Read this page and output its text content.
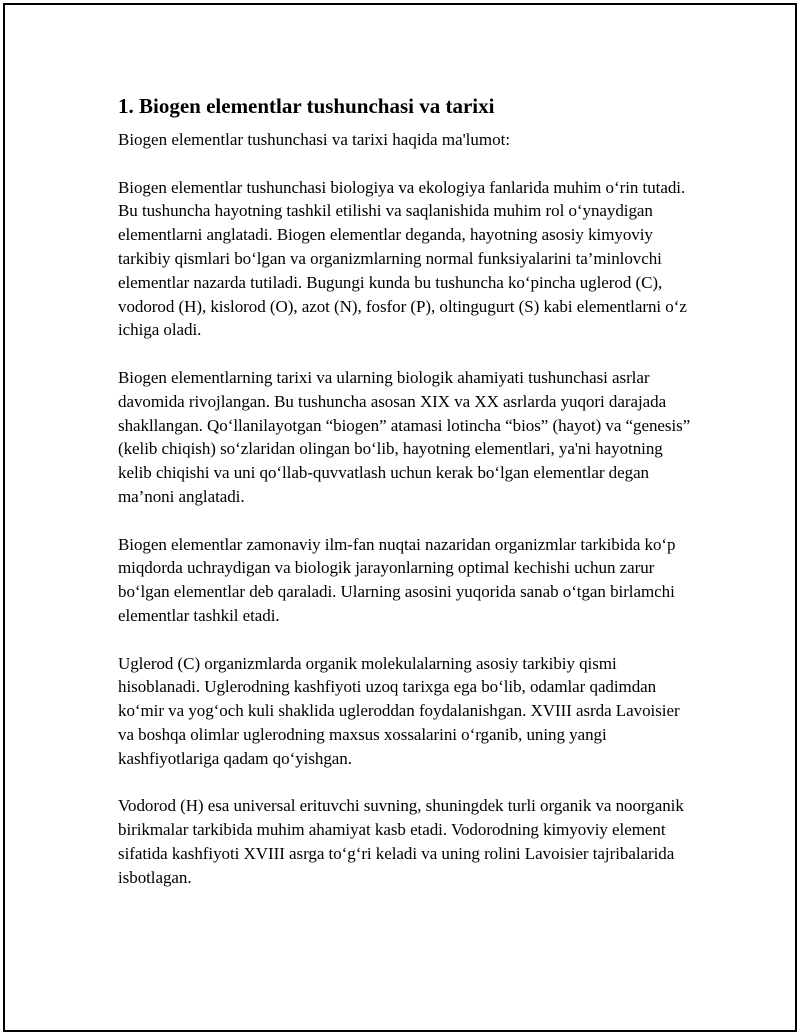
1. Biogen elementlar tushunchasi va tarixi

Biogen elementlar tushunchasi va tarixi haqida ma'lumot:

Biogen elementlar tushunchasi biologiya va ekologiya fanlarida muhim o‘rin tutadi. Bu tushuncha hayotning tashkil etilishi va saqlanishida muhim rol o‘ynaydigan elementlarni anglatadi. Biogen elementlar deganda, hayotning asosiy kimyoviy tarkibiy qismlari bo‘lgan va organizmlarning normal funksiyalarini ta’minlovchi elementlar nazarda tutiladi. Bugungi kunda bu tushuncha ko‘pincha uglerod (C), vodorod (H), kislorod (O), azot (N), fosfor (P), oltingugurt (S) kabi elementlarni o‘z ichiga oladi.

Biogen elementlarning tarixi va ularning biologik ahamiyati tushunchasi asrlar davomida rivojlangan. Bu tushuncha asosan XIX va XX asrlarda yuqori darajada shakllangan. Qo‘llanilayotgan “biogen” atamasi lotincha “bios” (hayot) va “genesis” (kelib chiqish) so‘zlaridan olingan bo‘lib, hayotning elementlari, ya'ni hayotning kelib chiqishi va uni qo‘llab-quvvatlash uchun kerak bo‘lgan elementlar degan ma’noni anglatadi.

Biogen elementlar zamonaviy ilm-fan nuqtai nazaridan organizmlar tarkibida ko‘p miqdorda uchraydigan va biologik jarayonlarning optimal kechishi uchun zarur bo‘lgan elementlar deb qaraladi. Ularning asosini yuqorida sanab o‘tgan birlamchi elementlar tashkil etadi.

Uglerod (C) organizmlarda organik molekulalarning asosiy tarkibiy qismi hisoblanadi. Uglerodning kashfiyoti uzoq tarixga ega bo‘lib, odamlar qadimdan ko‘mir va yog‘och kuli shaklida ugleroddan foydalanishgan. XVIII asrda Lavoisier va boshqa olimlar uglerodning maxsus xossalarini o‘rganib, uning yangi kashfiyotlariga qadam qo‘yishgan.

Vodorod (H) esa universal erituvchi suvning, shuningdek turli organik va noorganik birikmalar tarkibida muhim ahamiyat kasb etadi. Vodorodning kimyoviy element sifatida kashfiyoti XVIII asrga to‘g‘ri keladi va uning rolini Lavoisier tajribalarida isbotlagan.
